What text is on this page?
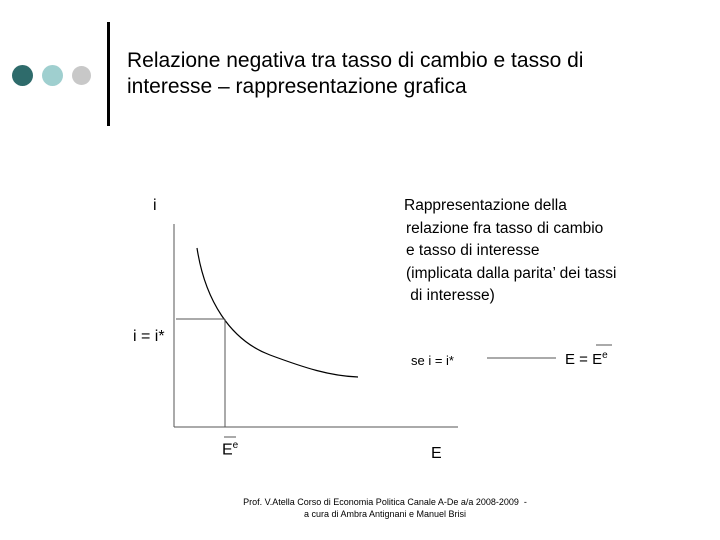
Relazione negativa tra tasso di cambio e tasso di
interesse – rappresentazione grafica
i
i = i*
$E^e$	E
Rappresentazione della
relazione fra tasso di cambio
e tasso di interesse
(implicata dalla parita’ dei tassi
di interesse)
se i = i*	$E = E^e$
Prof. V.Atella Corso di Economia Politica Canale A-De a/a 2008-2009  -
a cura di Ambra Antignani e Manuel Brisi
